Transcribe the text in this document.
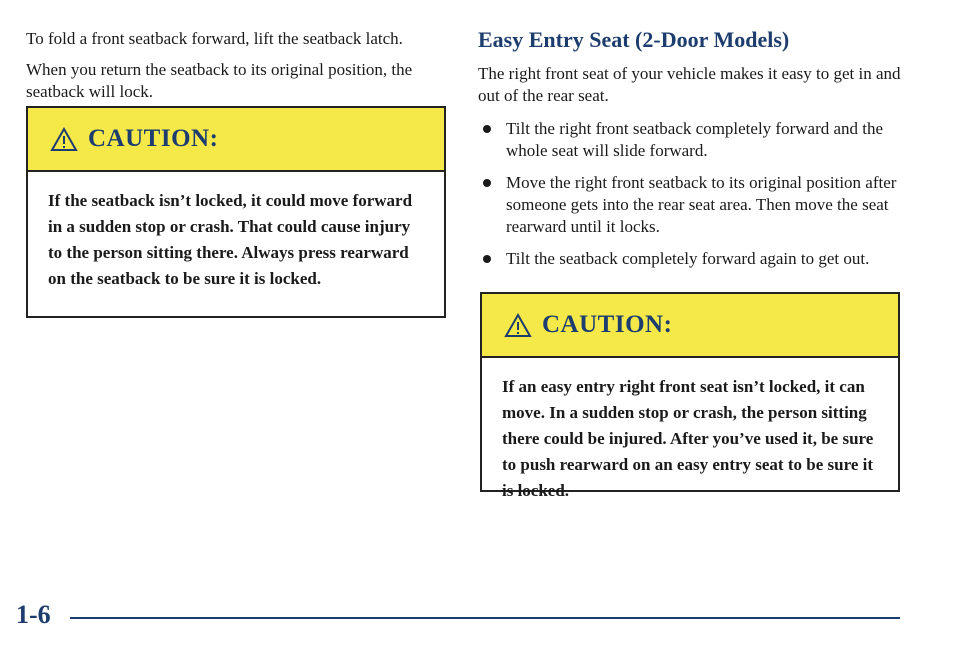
To fold a front seatback forward, lift the seatback latch.

When you return the seatback to its original position, the seatback will lock.

CAUTION:
If the seatback isn’t locked, it could move forward in a sudden stop or crash. That could cause injury to the person sitting there. Always press rearward on the seatback to be sure it is locked.
Easy Entry Seat (2-Door Models)

The right front seat of your vehicle makes it easy to get in and out of the rear seat.

Tilt the right front seatback completely forward and the whole seat will slide forward.
Move the right front seatback to its original position after someone gets into the rear seat area. Then move the seat rearward until it locks.
Tilt the seatback completely forward again to get out.
CAUTION:
If an easy entry right front seat isn’t locked, it can move. In a sudden stop or crash, the person sitting there could be injured. After you’ve used it, be sure to push rearward on an easy entry seat to be sure it is locked.
1-6
